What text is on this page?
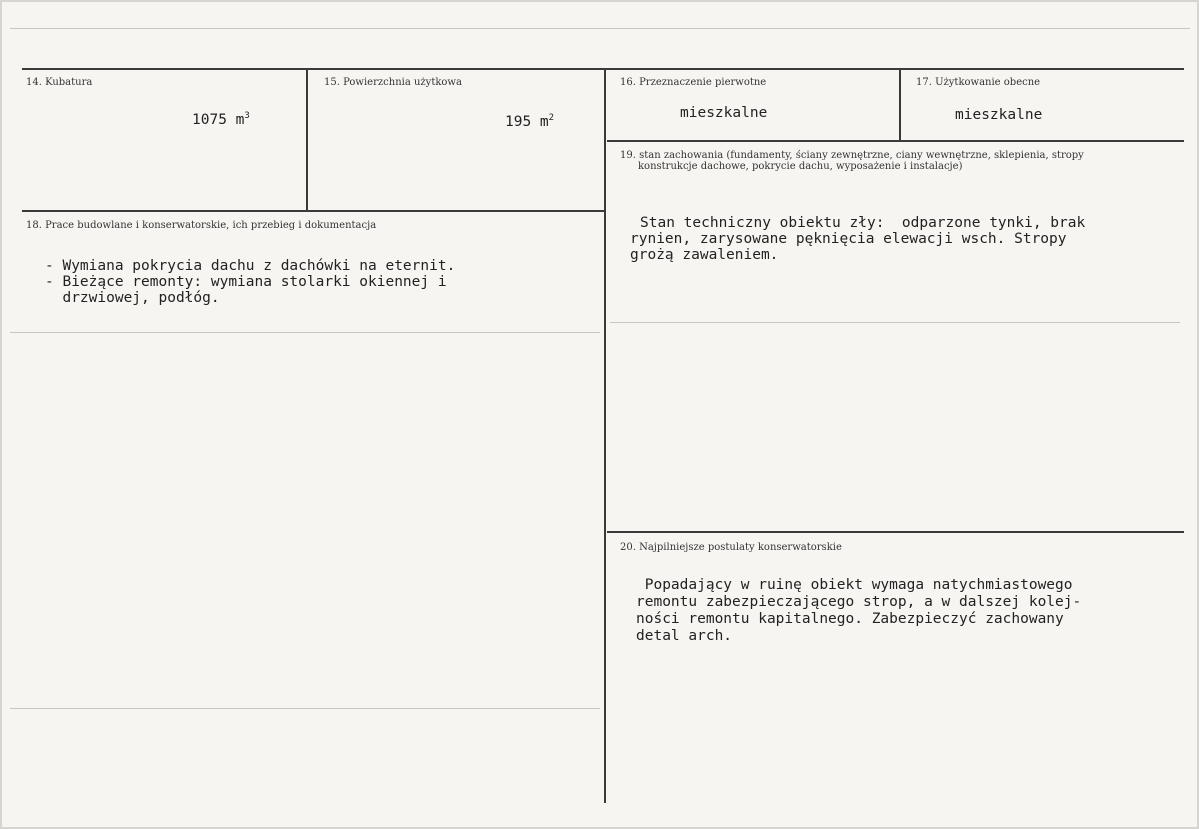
14. Kubatura
1075 $m^3$
15. Powierzchnia użytkowa
195 $m^2$
16. Przeznaczenie pierwotne
mieszkalne
17. Użytkowanie obecne
mieszkalne
18. Prace budowlane i konserwatorskie, ich przebieg i dokumentacja
- Wymiana pokrycia dachu z dachówki na eternit.
- Bieżące remonty: wymiana stolarki okiennej i
drzwiowej, podłóg.
19. stan zachowania (fundamenty, ściany zewnętrzne, ciany wewnętrzne, sklepienia, stropy
konstrukcje dachowe, pokrycie dachu, wyposażenie i instalacje)
Stan techniczny obiektu zły:  odparzone tynki, brak
rynien, zarysowane pęknięcia elewacji wsch. Stropy
grożą zawaleniem.
20. Najpilniejsze postulaty konserwatorskie
Popadający w ruinę obiekt wymaga natychmiastowego
remontu zabezpieczającego strop, a w dalszej kolej-
ności remontu kapitalnego. Zabezpieczyć zachowany
detal arch.
